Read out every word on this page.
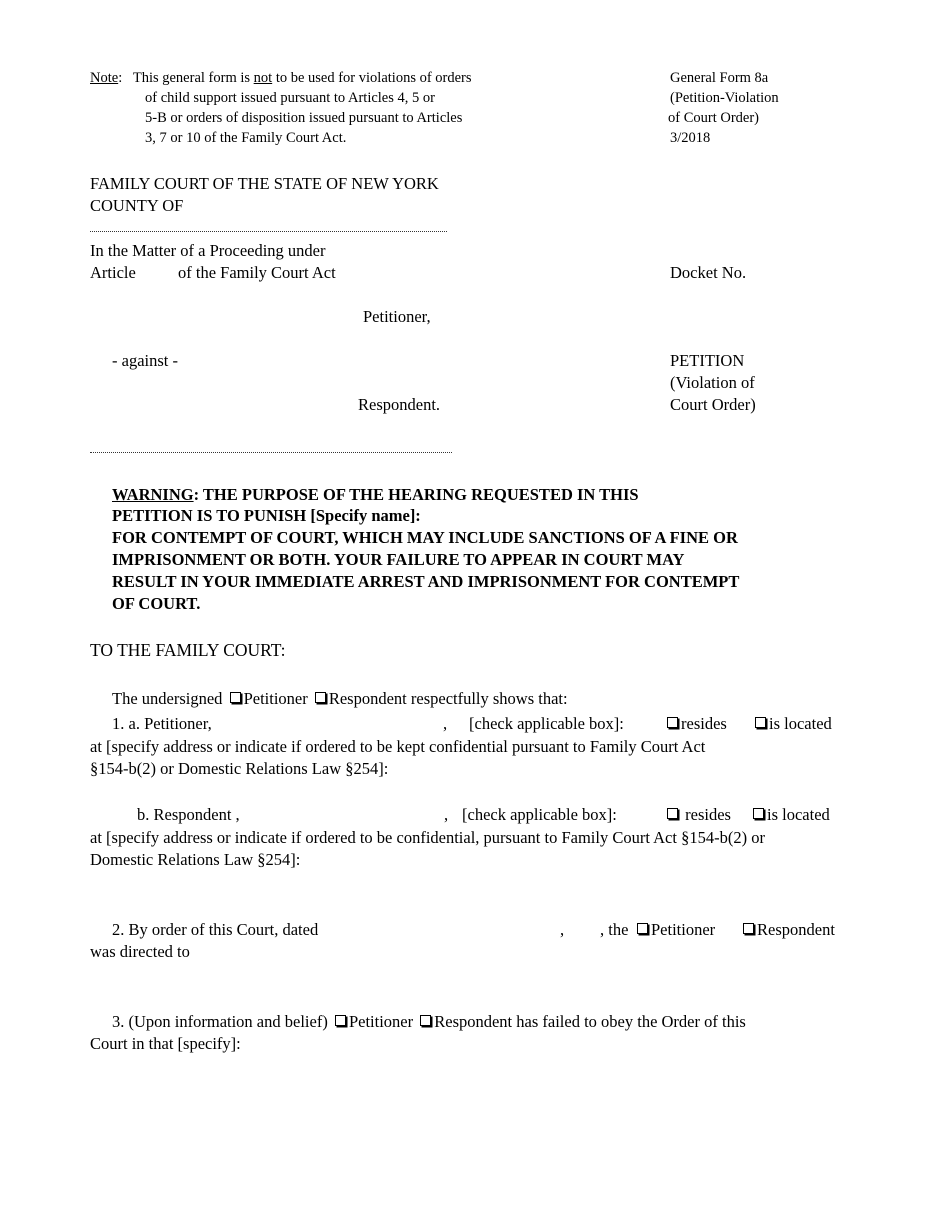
Note:   This general form is not to be used for violations of orders
of child support issued pursuant to Articles 4, 5 or
5-B or orders of disposition issued pursuant to Articles
3, 7 or 10 of the Family Court Act.
General Form 8a
(Petition-Violation
of Court Order)
3/2018
FAMILY COURT OF THE STATE OF NEW YORK
COUNTY OF
In the Matter of a Proceeding under
Article	of the Family Court Act	Docket No.
Petitioner,
- against -	PETITION
(Violation of
Respondent.	Court Order)
WARNING: THE PURPOSE OF THE HEARING REQUESTED IN THIS
PETITION IS TO PUNISH [Specify name]:
FOR CONTEMPT OF COURT, WHICH MAY INCLUDE SANCTIONS OF A FINE OR
IMPRISONMENT OR BOTH. YOUR FAILURE TO APPEAR IN COURT MAY
RESULT IN YOUR IMMEDIATE ARREST AND IMPRISONMENT FOR CONTEMPT
OF COURT.
TO THE FAMILY COURT:
The undersigned Petitioner Respondent respectfully shows that:
1. a. Petitioner,	, [check applicable box]:	resides	is located
at [specify address or indicate if ordered to be kept confidential pursuant to Family Court Act
§154-b(2) or Domestic Relations Law §254]:
b. Respondent ,	, [check applicable box]:	resides	is located
at [specify address or indicate if ordered to be confidential, pursuant to Family Court Act §154-b(2) or
Domestic Relations Law §254]:
2. By order of this Court, dated	, , the	Petitioner	Respondent
was directed to
3. (Upon information and belief) Petitioner Respondent has failed to obey the Order of this
Court in that [specify]:
